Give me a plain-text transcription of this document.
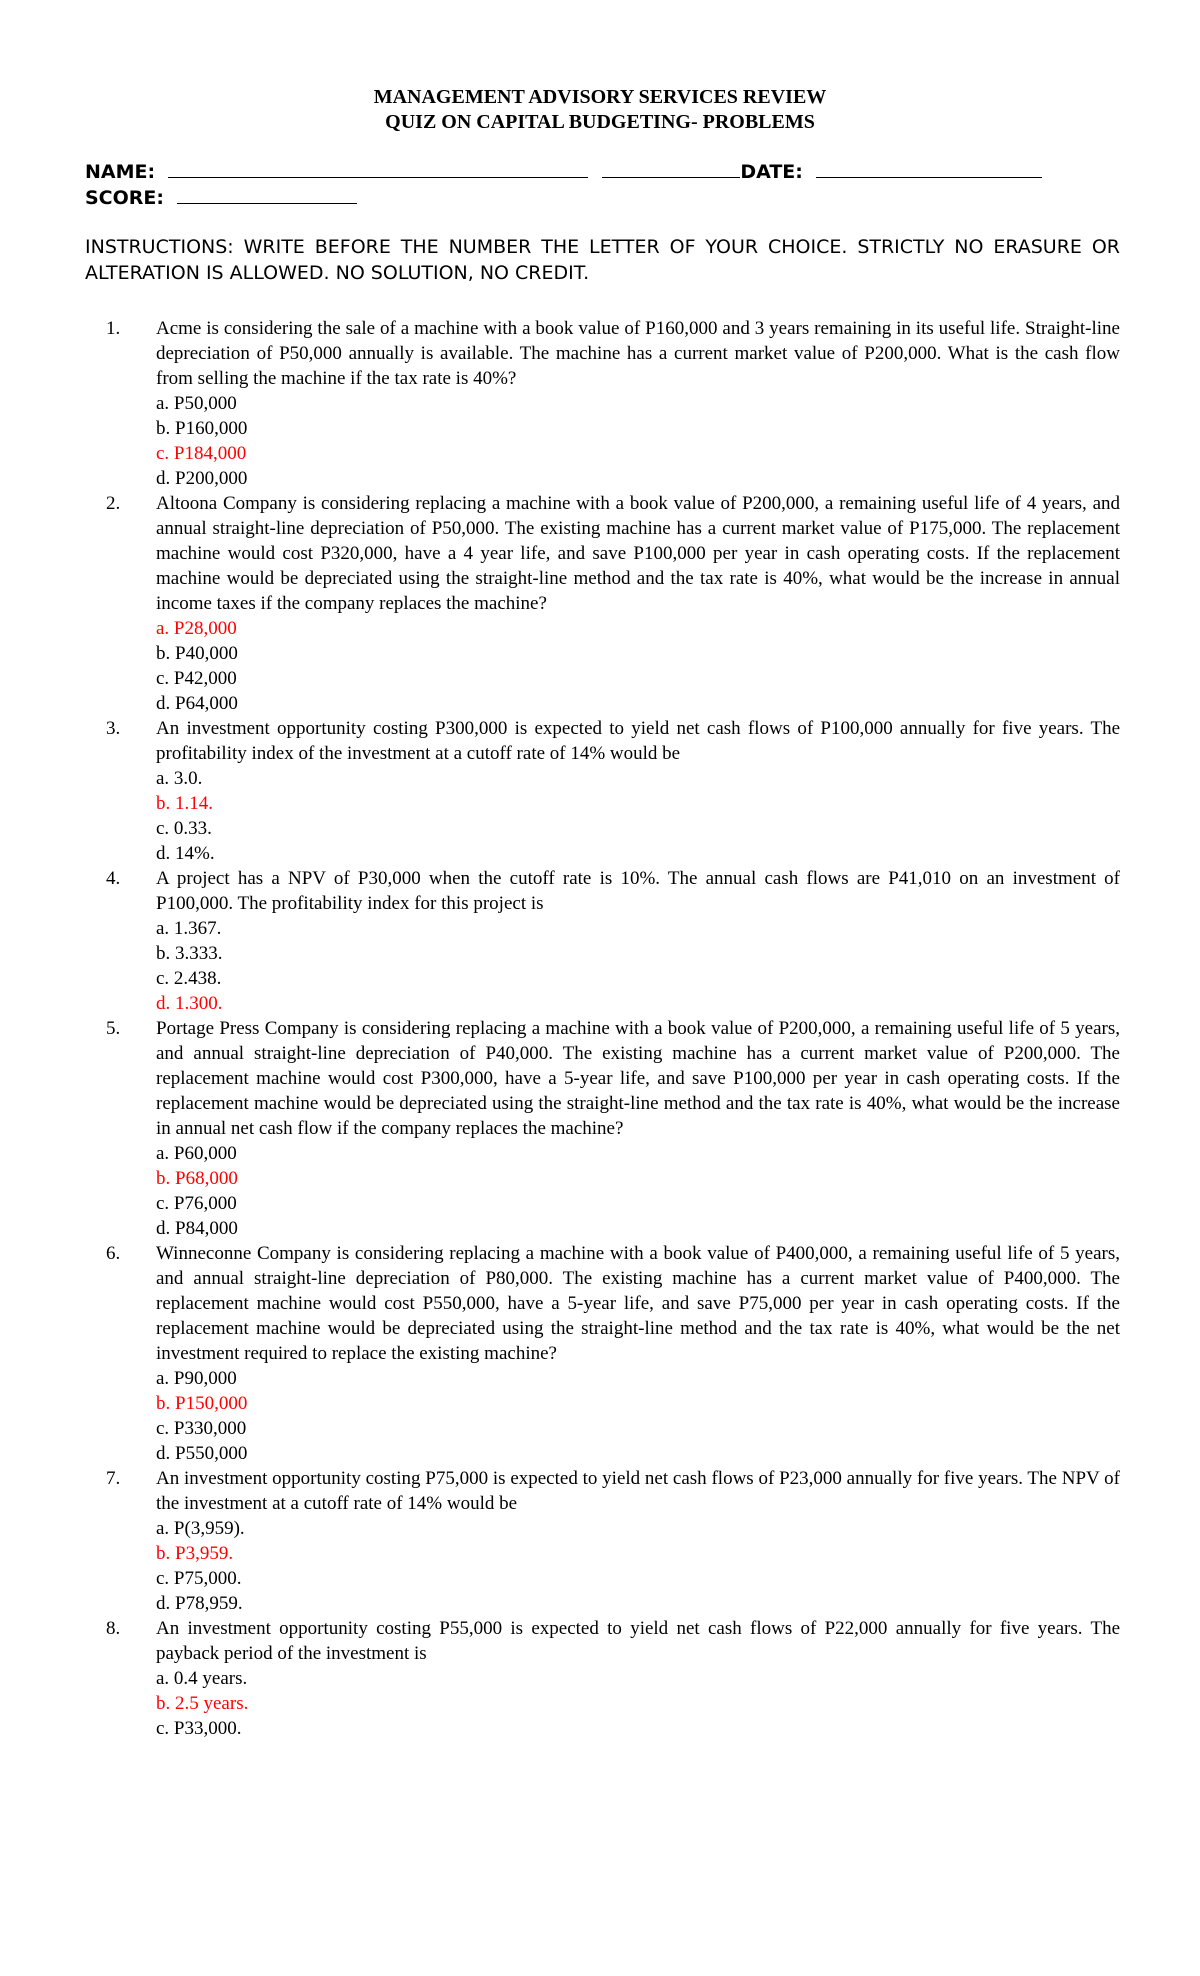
MANAGEMENT ADVISORY SERVICES REVIEW
QUIZ ON CAPITAL BUDGETING- PROBLEMS
NAME:	DATE:
SCORE:
INSTRUCTIONS: WRITE BEFORE THE NUMBER THE LETTER OF YOUR CHOICE. STRICTLY NO ERASURE OR ALTERATION IS ALLOWED. NO SOLUTION, NO CREDIT.
1. Acme is considering the sale of a machine with a book value of P160,000 and 3 years remaining in its useful life. Straight-line depreciation of P50,000 annually is available. The machine has a current market value of P200,000. What is the cash flow from selling the machine if the tax rate is 40%?
a. P50,000
b. P160,000
c. P184,000
d. P200,000
2. Altoona Company is considering replacing a machine with a book value of P200,000, a remaining useful life of 4 years, and annual straight-line depreciation of P50,000. The existing machine has a current market value of P175,000. The replacement machine would cost P320,000, have a 4 year life, and save P100,000 per year in cash operating costs. If the replacement machine would be depreciated using the straight-line method and the tax rate is 40%, what would be the increase in annual income taxes if the company replaces the machine?
a. P28,000
b. P40,000
c. P42,000
d. P64,000
3. An investment opportunity costing P300,000 is expected to yield net cash flows of P100,000 annually for five years. The profitability index of the investment at a cutoff rate of 14% would be
a. 3.0.
b. 1.14.
c. 0.33.
d. 14%.
4. A project has a NPV of P30,000 when the cutoff rate is 10%. The annual cash flows are P41,010 on an investment of P100,000. The profitability index for this project is
a. 1.367.
b. 3.333.
c. 2.438.
d. 1.300.
5. Portage Press Company is considering replacing a machine with a book value of P200,000, a remaining useful life of 5 years, and annual straight-line depreciation of P40,000. The existing machine has a current market value of P200,000. The replacement machine would cost P300,000, have a 5-year life, and save P100,000 per year in cash operating costs. If the replacement machine would be depreciated using the straight-line method and the tax rate is 40%, what would be the increase in annual net cash flow if the company replaces the machine?
a. P60,000
b. P68,000
c. P76,000
d. P84,000
6. Winneconne Company is considering replacing a machine with a book value of P400,000, a remaining useful life of 5 years, and annual straight-line depreciation of P80,000. The existing machine has a current market value of P400,000. The replacement machine would cost P550,000, have a 5-year life, and save P75,000 per year in cash operating costs. If the replacement machine would be depreciated using the straight-line method and the tax rate is 40%, what would be the net investment required to replace the existing machine?
a. P90,000
b. P150,000
c. P330,000
d. P550,000
7. An investment opportunity costing P75,000 is expected to yield net cash flows of P23,000 annually for five years. The NPV of the investment at a cutoff rate of 14% would be
a. P(3,959).
b. P3,959.
c. P75,000.
d. P78,959.
8. An investment opportunity costing P55,000 is expected to yield net cash flows of P22,000 annually for five years. The payback period of the investment is
a. 0.4 years.
b. 2.5 years.
c. P33,000.
